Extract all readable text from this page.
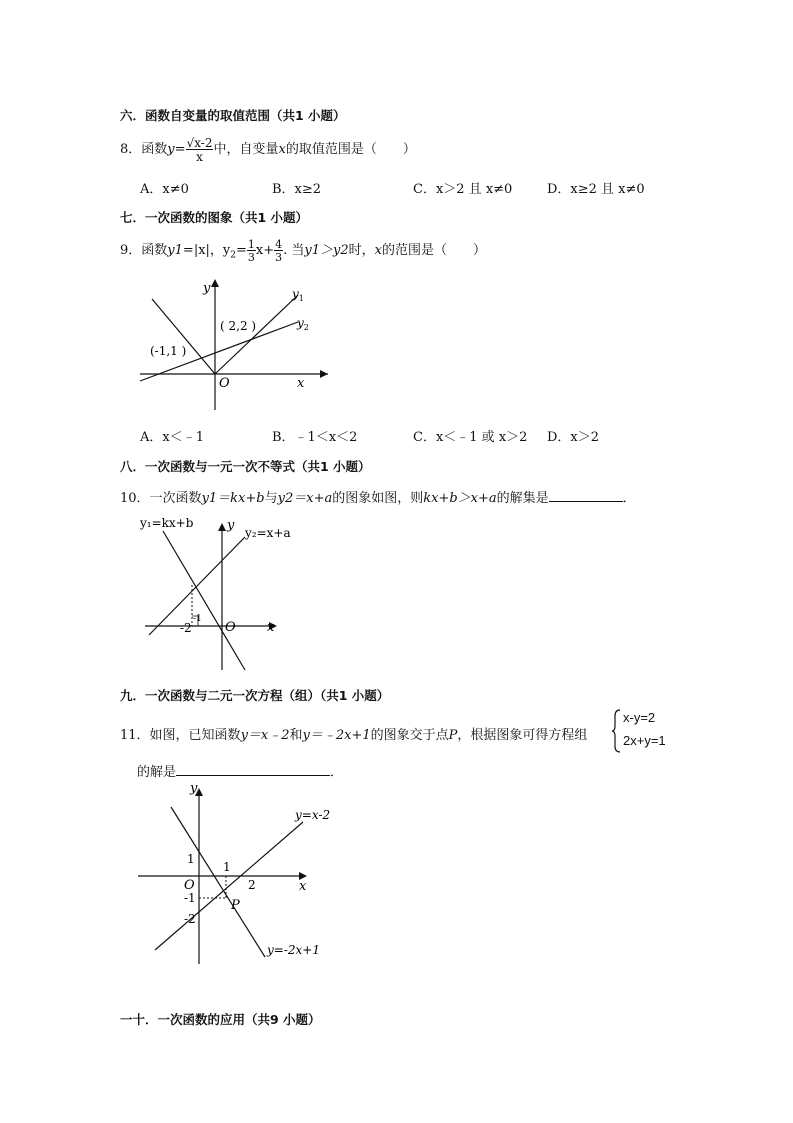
六．函数自变量的取值范围（共1 小题）
8．函数$y= \frac{√x-2}{x}$ 中，自变量x的取值范围是（　　）
A．x≠0	B．x≥2	C．x＞2 且 x≠0	D．x≥2 且 x≠0
七．一次函数的图象（共1 小题）
9．函数y1=|x|，$y_2= \frac{1}{3} x+ \frac{4}{3}$ . 当y1＞y2时，x的范围是（　　）
y
x
O
$y_1$
$y_2$
( 2,2 )
(-1,1 )
A．x＜﹣1	B．﹣1＜x＜2	C．x＜﹣1 或 x＞2 D．x＞2
八．一次函数与一元一次不等式（共1 小题）
10．一次函数y1＝kx+b与y2＝x+a的图象如图，则kx+b＞x+a的解集是	．
y₁=kx+b
y₂=x+a
y
x
O
-2
-1
九．一次函数与二元一次方程（组）（共1 小题）
11．如图，已知函数y＝x﹣2和y＝﹣2x+1的图象交于点P，根据图象可得方程组
x-y=2
2x+y=1
的解是	．
y
x
O
y=x-2
y=-2x+1
P
1
1
2
-1
-2
一十．一次函数的应用（共9 小题）
